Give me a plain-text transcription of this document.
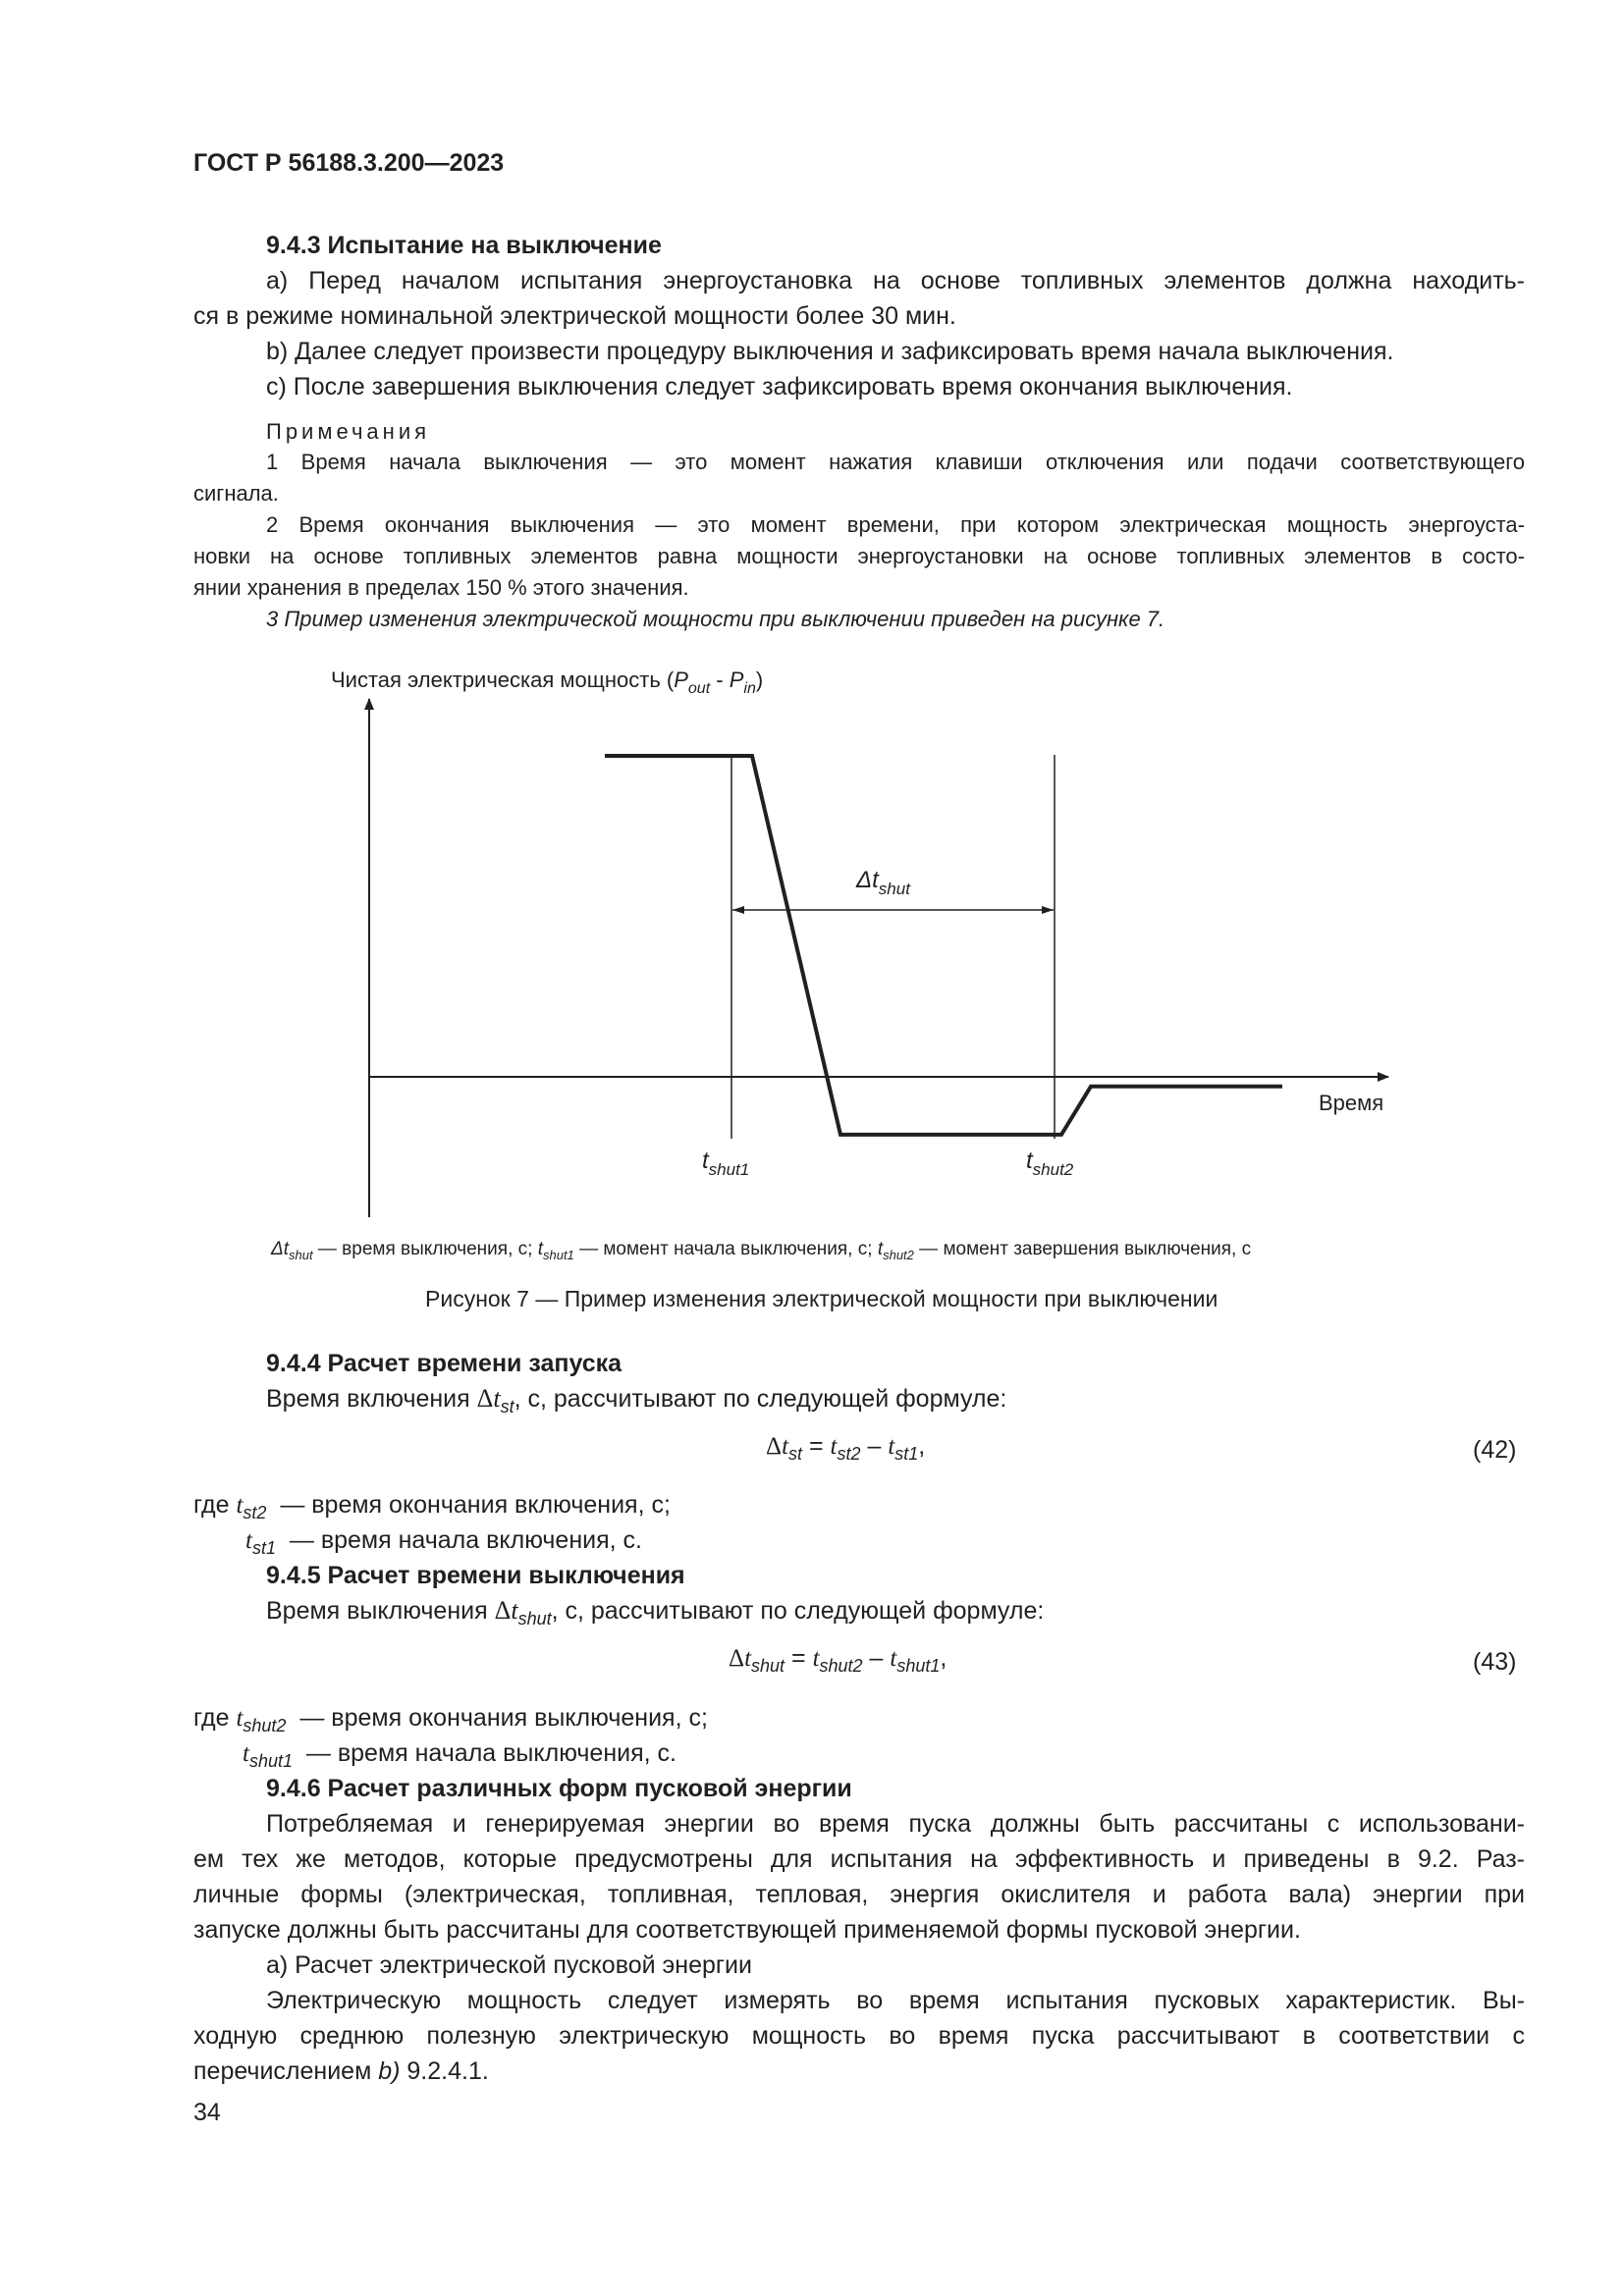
ГОСТ Р 56188.3.200—2023
9.4.3 Испытание на выключение
a) Перед началом испытания энергоустановка на основе топливных элементов должна находить-
ся в режиме номинальной электрической мощности более 30 мин.
b) Далее следует произвести процедуру выключения и зафиксировать время начала выключения.
c) После завершения выключения следует зафиксировать время окончания выключения.
Примечания
1 Время начала выключения — это момент нажатия клавиши отключения или подачи соответствующего
сигнала.
2 Время окончания выключения — это момент времени, при котором электрическая мощность энергоуста-
новки на основе топливных элементов равна мощности энергоустановки на основе топливных элементов в состо-
янии хранения в пределах 150 % этого значения.
3 Пример изменения электрической мощности при выключении приведен на рисунке 7.
Чистая электрическая мощность $(P_{out} - P_{in})$
Время
$\Delta t_{shut}$
$t_{shut1}$	$t_{shut2}$
$\Delta t_{shut}$ — время выключения, с; $t_{shut1}$ — момент начала выключения, с; $t_{shut2}$ — момент завершения выключения, с
Рисунок 7 — Пример изменения электрической мощности при выключении
9.4.4 Расчет времени запуска
Время включения $\Delta t_{st}$, с, рассчитывают по следующей формуле:
$\Delta t_{st} = t_{st2} - t_{st1}$,	(42)
где $t_{st2}$ — время окончания включения, с;
$t_{st1}$ — время начала включения, с.
9.4.5 Расчет времени выключения
Время выключения $\Delta t_{shut}$, с, рассчитывают по следующей формуле:
$\Delta t_{shut} = t_{shut2} - t_{shut1}$,	(43)
где $t_{shut2}$ — время окончания выключения, с;
$t_{shut1}$ — время начала выключения, с.
9.4.6 Расчет различных форм пусковой энергии
Потребляемая и генерируемая энергии во время пуска должны быть рассчитаны с использовани-
ем тех же методов, которые предусмотрены для испытания на эффективность и приведены в 9.2. Раз-
личные формы (электрическая, топливная, тепловая, энергия окислителя и работа вала) энергии при
запуске должны быть рассчитаны для соответствующей применяемой формы пусковой энергии.
a) Расчет электрической пусковой энергии
Электрическую мощность следует измерять во время испытания пусковых характеристик. Вы-
ходную среднюю полезную электрическую мощность во время пуска рассчитывают в соответствии с
перечислением b) 9.2.4.1.
34
